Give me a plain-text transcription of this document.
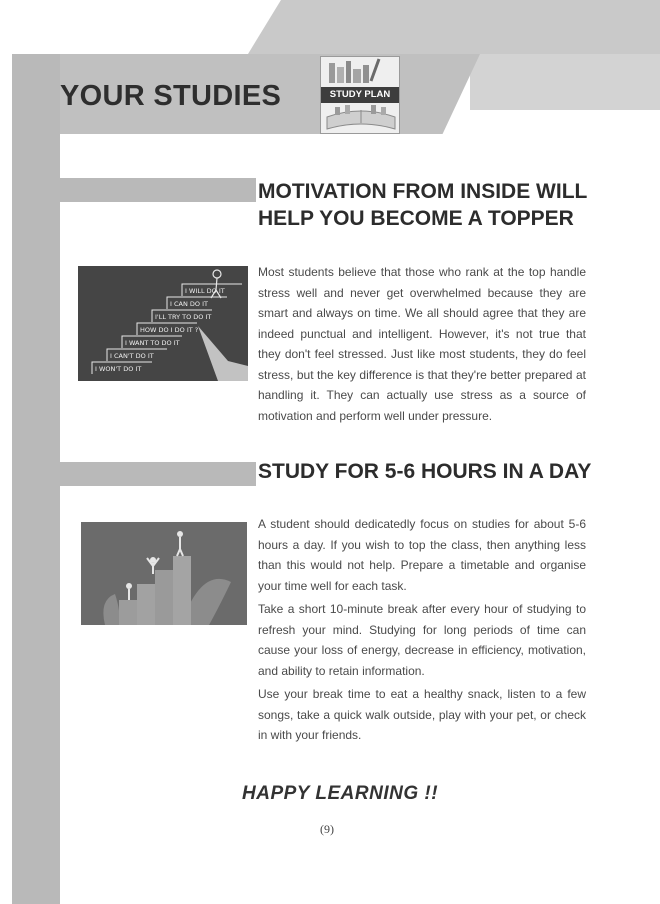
YOUR STUDIES	STUDY PLAN
MOTIVATION FROM INSIDE WILL HELP YOU BECOME A TOPPER
I WILL DO IT
I CAN DO IT
I'LL TRY TO DO IT
HOW DO I DO IT ?
I WANT TO DO IT
I CAN'T DO IT
I WON'T DO IT

Most students believe that those who rank at the top handle stress well and never get overwhelmed because they are smart and always on time. We all should agree that they are indeed punctual and intelligent. However, it's not true that they don't feel stressed. Just like most students, they do feel stress, but the key difference is that they're better prepared at handling it. They can actually use stress as a source of motivation and perform well under pressure.

STUDY FOR 5-6 HOURS IN A DAY

A student should dedicatedly focus on studies for about 5-6 hours a day. If you wish to top the class, then anything less than this would not help. Prepare a timetable and organise your time well for each task.

Take a short 10-minute break after every hour of studying to refresh your mind. Studying for long periods of time can cause your loss of energy, decrease in efficiency, motivation, and ability to retain information.

Use your break time to eat a healthy snack, listen to a few songs, take a quick walk outside, play with your pet, or check in with your friends.

HAPPY LEARNING !!
(9)
